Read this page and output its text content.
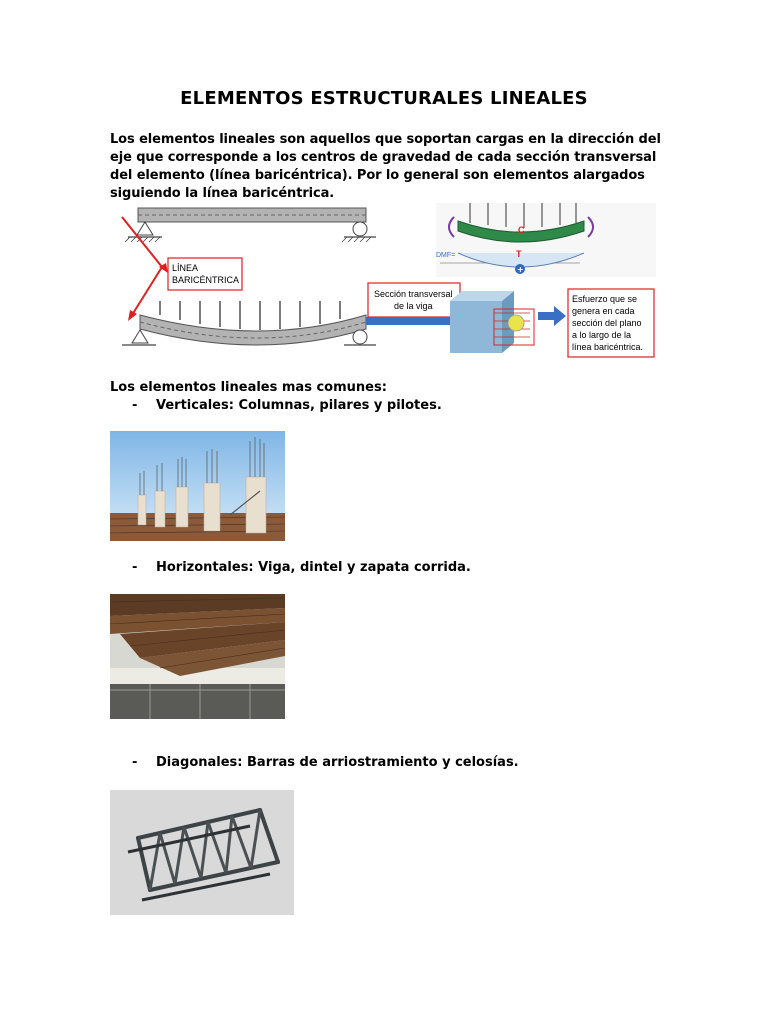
ELEMENTOS ESTRUCTURALES LINEALES
Los elementos lineales son aquellos que soportan cargas en la dirección del eje que corresponde a los centros de gravedad de cada sección transversal del elemento (línea baricéntrica). Por lo general son elementos alargados siguiendo la línea baricéntrica.
LÍNEA
BARICÉNTRICA
Sección transversal
de la viga
Esfuerzo que se
genera en cada
sección del plano
a lo largo de la
línea baricéntrica.
+
DMF=
C
T
Los elementos lineales mas comunes:
- Verticales: Columnas, pilares y pilotes.
- Horizontales: Viga, dintel y zapata corrida.
- Diagonales: Barras de arriostramiento y celosías.
